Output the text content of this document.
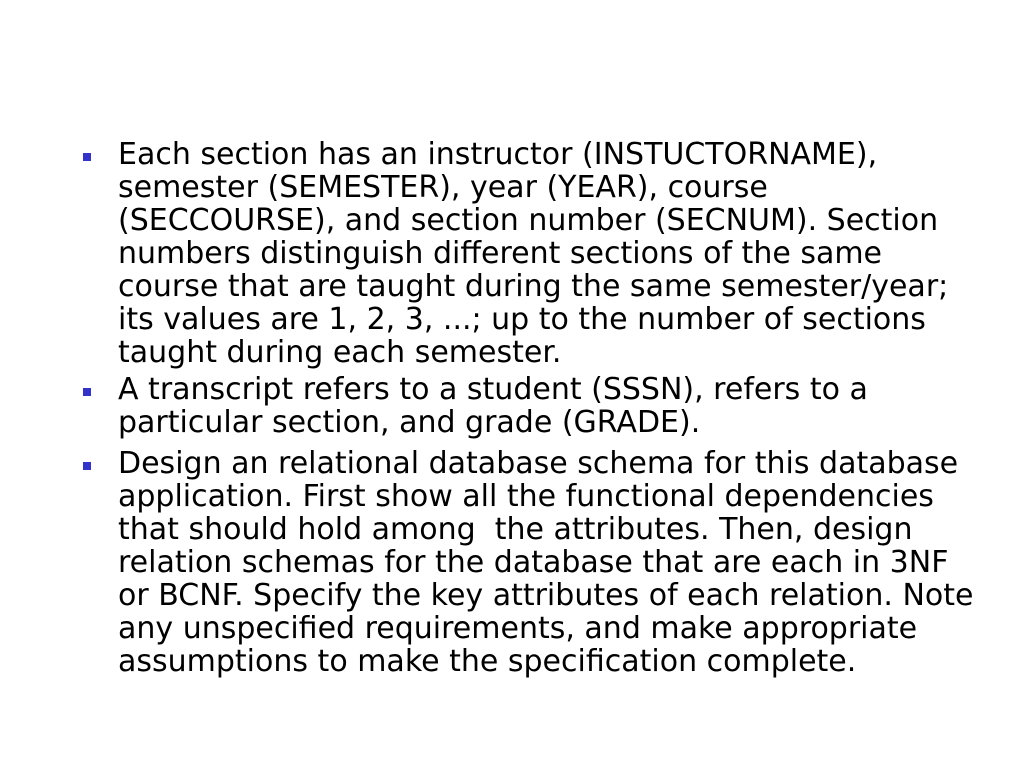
Each section has an instructor (INSTUCTORNAME),
semester (SEMESTER), year (YEAR), course
(SECCOURSE), and section number (SECNUM). Section
numbers distinguish different sections of the same
course that are taught during the same semester/year;
its values are 1, 2, 3, ...; up to the number of sections
taught during each semester.
A transcript refers to a student (SSSN), refers to a
particular section, and grade (GRADE).
Design an relational database schema for this database
application. First show all the functional dependencies
that should hold among  the attributes. Then, design
relation schemas for the database that are each in 3NF
or BCNF. Specify the key attributes of each relation. Note
any unspecified requirements, and make appropriate
assumptions to make the specification complete.
